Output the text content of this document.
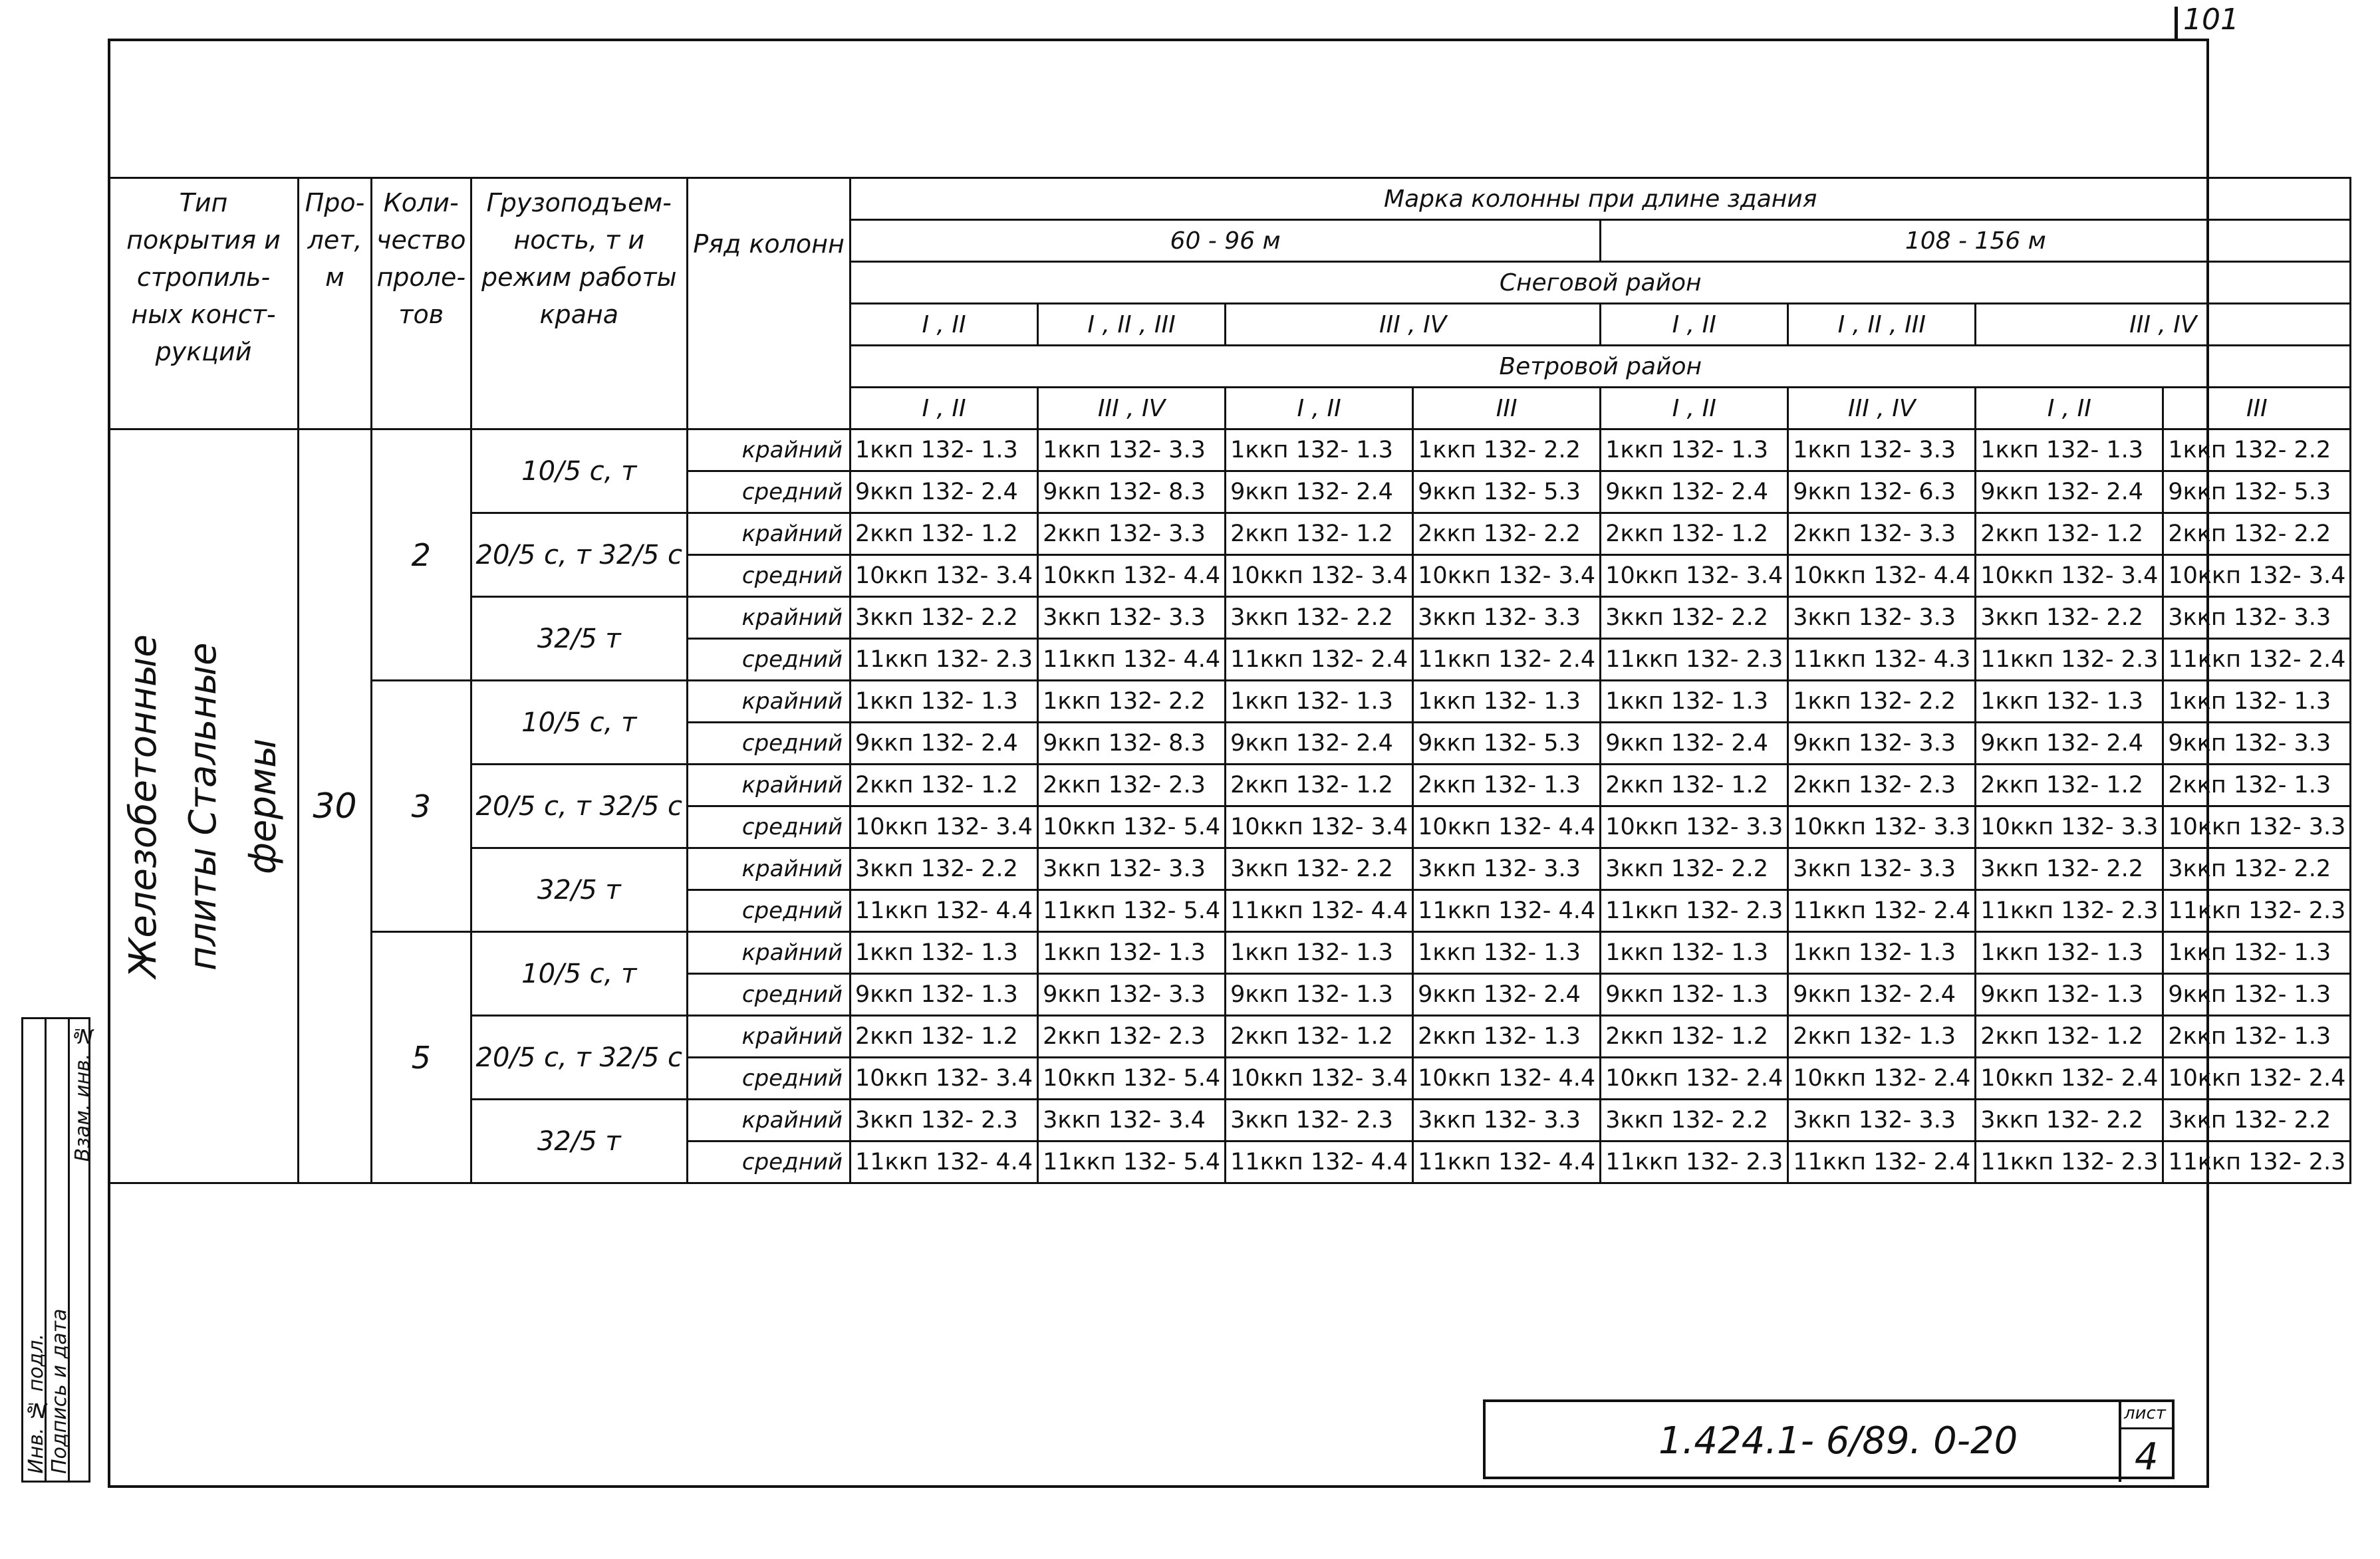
101
Тип покрытия и стропиль-ных конст-рукций	Про-лет, м	Коли-чество проле-тов	Грузоподъем-ность, т и режим работы крана	Ряд колонн	Марка колонны при длине здания							
					60 - 96 м				108 - 156 м			
					Снеговой район							
					I , II	I , II , III	III , IV		I , II	I , II , III	III , IV	
					Ветровой район							
					I , II	III , IV	I , II	III	I , II	III , IV	I , II	III

Железобетонные плиты Стальные фермы	30	2	10/5 с, т	крайний	1ккп 132- 1.3	1ккп 132- 3.3	1ккп 132- 1.3	1ккп 132- 2.2	1ккп 132- 1.3	1ккп 132- 3.3	1ккп 132- 1.3	1ккп 132- 2.2
				средний	9ккп 132- 2.4	9ккп 132- 8.3	9ккп 132- 2.4	9ккп 132- 5.3	9ккп 132- 2.4	9ккп 132- 6.3	9ккп 132- 2.4	9ккп 132- 5.3
			20/5 с, т 32/5 с	крайний	2ккп 132- 1.2	2ккп 132- 3.3	2ккп 132- 1.2	2ккп 132- 2.2	2ккп 132- 1.2	2ккп 132- 3.3	2ккп 132- 1.2	2ккп 132- 2.2
				средний	10ккп 132- 3.4	10ккп 132- 4.4	10ккп 132- 3.4	10ккп 132- 3.4	10ккп 132- 3.4	10ккп 132- 4.4	10ккп 132- 3.4	10ккп 132- 3.4
			32/5 т	крайний	3ккп 132- 2.2	3ккп 132- 3.3	3ккп 132- 2.2	3ккп 132- 3.3	3ккп 132- 2.2	3ккп 132- 3.3	3ккп 132- 2.2	3ккп 132- 3.3
				средний	11ккп 132- 2.3	11ккп 132- 4.4	11ккп 132- 2.4	11ккп 132- 2.4	11ккп 132- 2.3	11ккп 132- 4.3	11ккп 132- 2.3	11ккп 132- 2.4
		3	10/5 с, т	крайний	1ккп 132- 1.3	1ккп 132- 2.2	1ккп 132- 1.3	1ккп 132- 1.3	1ккп 132- 1.3	1ккп 132- 2.2	1ккп 132- 1.3	1ккп 132- 1.3
				средний	9ккп 132- 2.4	9ккп 132- 8.3	9ккп 132- 2.4	9ккп 132- 5.3	9ккп 132- 2.4	9ккп 132- 3.3	9ккп 132- 2.4	9ккп 132- 3.3
			20/5 с, т 32/5 с	крайний	2ккп 132- 1.2	2ккп 132- 2.3	2ккп 132- 1.2	2ккп 132- 1.3	2ккп 132- 1.2	2ккп 132- 2.3	2ккп 132- 1.2	2ккп 132- 1.3
				средний	10ккп 132- 3.4	10ккп 132- 5.4	10ккп 132- 3.4	10ккп 132- 4.4	10ккп 132- 3.3	10ккп 132- 3.3	10ккп 132- 3.3	10ккп 132- 3.3
			32/5 т	крайний	3ккп 132- 2.2	3ккп 132- 3.3	3ккп 132- 2.2	3ккп 132- 3.3	3ккп 132- 2.2	3ккп 132- 3.3	3ккп 132- 2.2	3ккп 132- 2.2
				средний	11ккп 132- 4.4	11ккп 132- 5.4	11ккп 132- 4.4	11ккп 132- 4.4	11ккп 132- 2.3	11ккп 132- 2.4	11ккп 132- 2.3	11ккп 132- 2.3
		5	10/5 с, т	крайний	1ккп 132- 1.3	1ккп 132- 1.3	1ккп 132- 1.3	1ккп 132- 1.3	1ккп 132- 1.3	1ккп 132- 1.3	1ккп 132- 1.3	1ккп 132- 1.3
				средний	9ккп 132- 1.3	9ккп 132- 3.3	9ккп 132- 1.3	9ккп 132- 2.4	9ккп 132- 1.3	9ккп 132- 2.4	9ккп 132- 1.3	9ккп 132- 1.3
			20/5 с, т 32/5 с	крайний	2ккп 132- 1.2	2ккп 132- 2.3	2ккп 132- 1.2	2ккп 132- 1.3	2ккп 132- 1.2	2ккп 132- 1.3	2ккп 132- 1.2	2ккп 132- 1.3
				средний	10ккп 132- 3.4	10ккп 132- 5.4	10ккп 132- 3.4	10ккп 132- 4.4	10ккп 132- 2.4	10ккп 132- 2.4	10ккп 132- 2.4	10ккп 132- 2.4
			32/5 т	крайний	3ккп 132- 2.3	3ккп 132- 3.4	3ккп 132- 2.3	3ккп 132- 3.3	3ккп 132- 2.2	3ккп 132- 3.3	3ккп 132- 2.2	3ккп 132- 2.2
				средний	11ккп 132- 4.4	11ккп 132- 5.4	11ккп 132- 4.4	11ккп 132- 4.4	11ккп 132- 2.3	11ккп 132- 2.4	11ккп 132- 2.3	11ккп 132- 2.3
1.424.1- 6/89. 0-20
лист
4
Инв. № подл. Подпись и дата
Взам. инв. №
